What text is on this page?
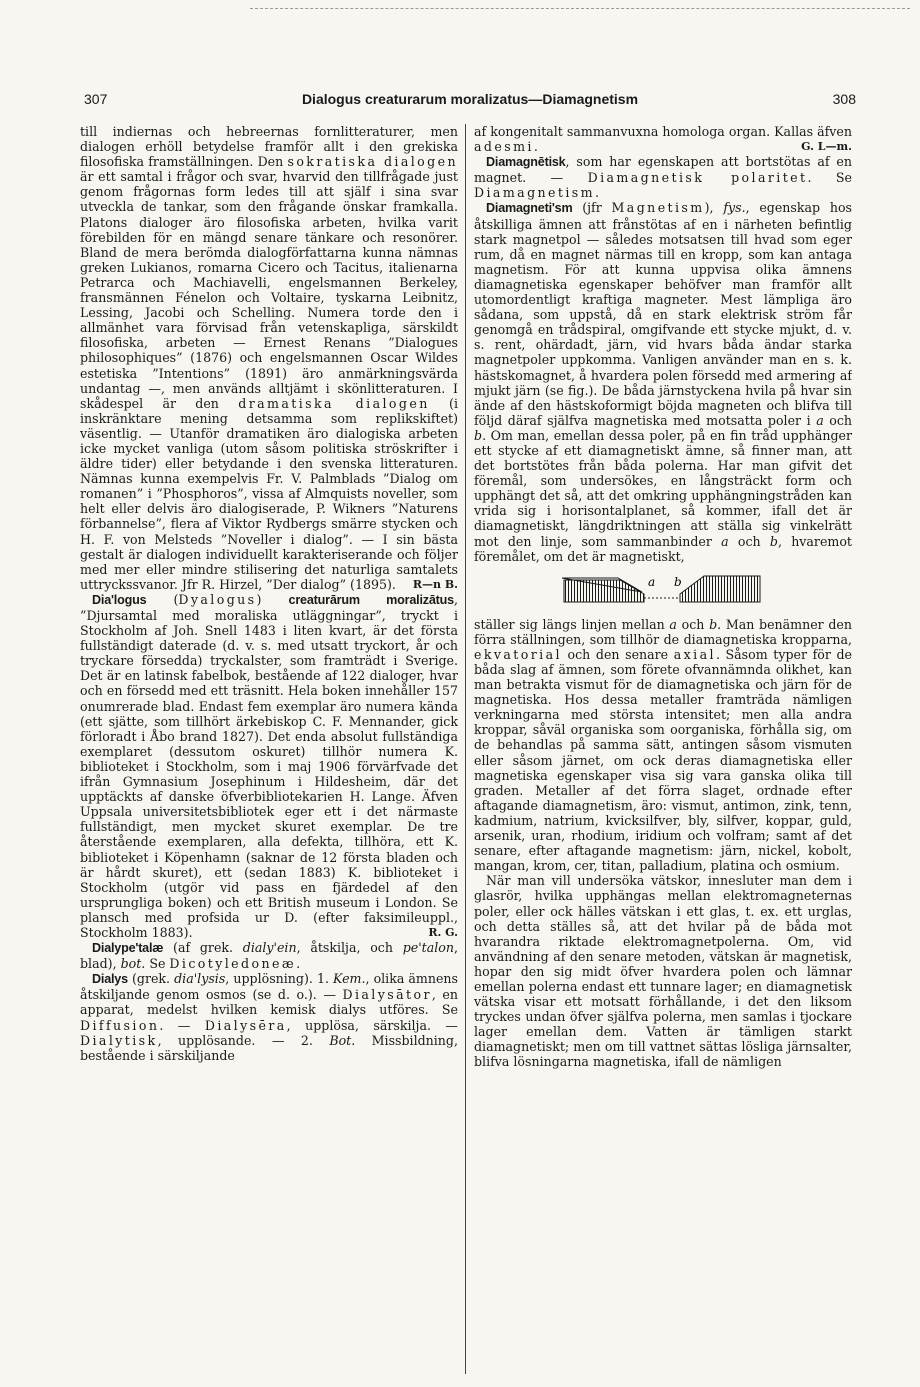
307	Dialogus creaturarum moralizatus—Diamagnetism	308

till indiernas och hebreernas fornlitteraturer, men dialogen erhöll betydelse framför allt i den grekiska filosofiska framställningen. Den sokratiska dialogen är ett samtal i frågor och svar, hvarvid den tillfrågade just genom frågornas form ledes till att själf i sina svar utveckla de tankar, som den frågande önskar framkalla. Platons dialoger äro filosofiska arbeten, hvilka varit förebilden för en mängd senare tänkare och resonörer. Bland de mera berömda dialogförfattarna kunna nämnas greken Lukianos, romarna Cicero och Tacitus, italienarna Petrarca och Machiavelli, engelsmannen Berkeley, fransmännen Fénelon och Voltaire, tyskarna Leibnitz, Lessing, Jacobi och Schelling. Numera torde den i allmänhet vara förvisad från vetenskapliga, särskildt filosofiska, arbeten — Ernest Renans ”Dialogues philosophiques” (1876) och engelsmannen Oscar Wildes estetiska ”Intentions” (1891) äro anmärkningsvärda undantag —, men används alltjämt i skönlitteraturen. I skådespel är den dramatiska dialogen (i inskränktare mening detsamma som replikskiftet) väsentlig. — Utanför dramatiken äro dialogiska arbeten icke mycket vanliga (utom såsom politiska ströskrifter i äldre tider) eller betydande i den svenska litteraturen. Nämnas kunna exempelvis Fr. V. Palmblads ”Dialog om romanen” i ”Phosphoros”, vissa af Almquists noveller, som helt eller delvis äro dialogiserade, P. Wikners ”Naturens förbannelse”, flera af Viktor Rydbergs smärre stycken och H. F. von Melsteds ”Noveller i dialog”. — I sin bästa gestalt är dialogen individuellt karakteriserande och följer med mer eller mindre stilisering det naturliga samtalets uttryckssvanor. Jfr R. Hirzel, ”Der dialog” (1895). R—n B.

Dia'logus (Dyalogus) creaturārum moralizātus, ”Djursamtal med moraliska utläggningar”, tryckt i Stockholm af Joh. Snell 1483 i liten kvart, är det första fullständigt daterade (d. v. s. med utsatt tryckort, år och tryckare försedda) tryckalster, som framträdt i Sverige. Det är en latinsk fabelbok, bestående af 122 dialoger, hvar och en försedd med ett träsnitt. Hela boken innehåller 157 onumrerade blad. Endast fem exemplar äro numera kända (ett sjätte, som tillhört ärkebiskop C. F. Mennander, gick förloradt i Åbo brand 1827). Det enda absolut fullständiga exemplaret (dessutom oskuret) tillhör numera K. biblioteket i Stockholm, som i maj 1906 förvärfvade det ifrån Gymnasium Josephinum i Hildesheim, där det upptäckts af danske öfverbibliotekarien H. Lange. Äfven Uppsala universitetsbibliotek eger ett i det närmaste fullständigt, men mycket skuret exemplar. De tre återstående exemplaren, alla defekta, tillhöra, ett K. biblioteket i Köpenhamn (saknar de 12 första bladen och är hårdt skuret), ett (sedan 1883) K. biblioteket i Stockholm (utgör vid pass en fjärdedel af den ursprungliga boken) och ett British museum i London. Se plansch med profsida ur D. (efter faksimileuppl., Stockholm 1883).	R. G.

Dialype'talæ (af grek. dialy'ein, åtskilja, och pe'talon, blad), bot. Se Dicotyledoneæ.

Dialys (grek. dia'lysis, upplösning). 1. Kem., olika ämnens åtskiljande genom osmos (se d. o.). — Dialysātor, en apparat, medelst hvilken kemisk dialys utföres. Se Diffusion. — Dialysēra, upplösa, särskilja. — Dialytisk, upplösande. — 2. Bot. Missbildning, bestående i särskiljande

af kongenitalt sammanvuxna homologa organ. Kallas äfven adesmi.	G. L—m.

Diamagnētisk, som har egenskapen att bortstötas af en magnet. — Diamagnetisk polaritet. Se Diamagnetism.

Diamagneti'sm (jfr Magnetism), fys., egenskap hos åtskilliga ämnen att frånstötas af en i närheten befintlig stark magnetpol — således motsatsen till hvad som eger rum, då en magnet närmas till en kropp, som kan antaga magnetism. För att kunna uppvisa olika ämnens diamagnetiska egenskaper behöfver man framför allt utomordentligt kraftiga magneter. Mest lämpliga äro sådana, som uppstå, då en stark elektrisk ström får genomgå en trådspiral, omgifvande ett stycke mjukt, d. v. s. rent, ohärdadt, järn, vid hvars båda ändar starka magnetpoler uppkomma. Vanligen använder man en s. k. hästskomagnet, å hvardera polen försedd med armering af mjukt järn (se fig.). De båda järnstyckena hvila på hvar sin ände af den hästskoformigt böjda magneten och blifva till följd däraf själfva magnetiska med motsatta poler i a och b. Om man, emellan dessa poler, på en fin tråd upphänger ett stycke af ett diamagnetiskt ämne, så finner man, att det bortstötes från båda polerna. Har man gifvit det föremål, som undersökes, en långsträckt form och upphängt det så, att det omkring upphängningstråden kan vrida sig i horisontalplanet, så kommer, ifall det är diamagnetiskt, längdriktningen att ställa sig vinkelrätt mot den linje, som sammanbinder a och b, hvaremot föremålet, om det är magnetiskt,

a b

ställer sig längs linjen mellan a och b. Man benämner den förra ställningen, som tillhör de diamagnetiska kropparna, ekvatorial och den senare axial. Såsom typer för de båda slag af ämnen, som förete ofvannämnda olikhet, kan man betrakta vismut för de diamagnetiska och järn för de magnetiska. Hos dessa metaller framträda nämligen verkningarna med största intensitet; men alla andra kroppar, såväl organiska som oorganiska, förhålla sig, om de behandlas på samma sätt, antingen såsom vismuten eller såsom järnet, om ock deras diamagnetiska eller magnetiska egenskaper visa sig vara ganska olika till graden. Metaller af det förra slaget, ordnade efter aftagande diamagnetism, äro: vismut, antimon, zink, tenn, kadmium, natrium, kvicksilfver, bly, silfver, koppar, guld, arsenik, uran, rhodium, iridium och volfram; samt af det senare, efter aftagande magnetism: järn, nickel, kobolt, mangan, krom, cer, titan, palladium, platina och osmium.

När man vill undersöka vätskor, innesluter man dem i glasrör, hvilka upphängas mellan elektromagneternas poler, eller ock hälles vätskan i ett glas, t. ex. ett urglas, och detta ställes så, att det hvilar på de båda mot hvarandra riktade elektromagnetpolerna. Om, vid användning af den senare metoden, vätskan är magnetisk, hopar den sig midt öfver hvardera polen och lämnar emellan polerna endast ett tunnare lager; en diamagnetisk vätska visar ett motsatt förhållande, i det den liksom tryckes undan öfver själfva polerna, men samlas i tjockare lager emellan dem. Vatten är tämligen starkt diamagnetiskt; men om till vattnet sättas lösliga järnsalter, blifva lösningarna magnetiska, ifall de nämligen
